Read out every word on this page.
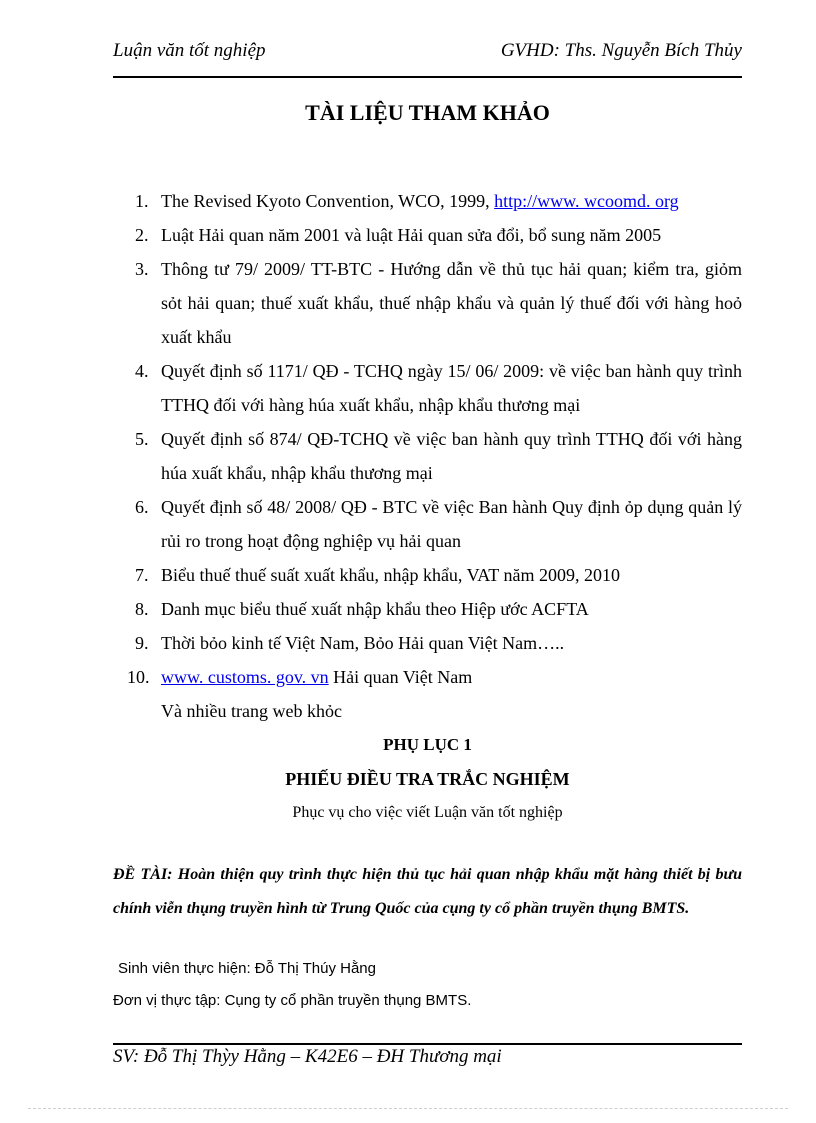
Luận văn tốt nghiệp	GVHD: Ths. Nguyễn Bích Thủy
TÀI LIỆU THAM KHẢO
1. The Revised Kyoto Convention, WCO, 1999, http://www. wcoomd. org
2. Luật Hải quan năm 2001 và luật Hải quan sửa đổi, bổ sung năm 2005
3. Thông tư 79/ 2009/ TT-BTC - Hướng dẫn về thủ tục hải quan; kiểm tra, giỏm sỏt hải quan; thuế xuất khẩu, thuế nhập khẩu và quản lý thuế đối với hàng hoỏ xuất khẩu
4. Quyết định số 1171/ QĐ - TCHQ ngày 15/ 06/ 2009: về việc ban hành quy trình TTHQ đối với hàng húa xuất khẩu, nhập khẩu thương mại
5. Quyết định số 874/ QĐ-TCHQ về việc ban hành quy trình TTHQ đối với hàng húa xuất khẩu, nhập khẩu thương mại
6. Quyết định số 48/ 2008/ QĐ - BTC về việc Ban hành Quy định ỏp dụng quản lý rủi ro trong hoạt động nghiệp vụ hải quan
7. Biểu thuế thuế suất xuất khẩu, nhập khẩu, VAT năm 2009, 2010
8. Danh mục biểu thuế xuất nhập khẩu theo Hiệp ước ACFTA
9. Thời bỏo kinh tế Việt Nam, Bỏo Hải quan Việt Nam…..
10. www. customs. gov. vn Hải quan Việt Nam
Và nhiều trang web khỏc
PHỤ LỤC 1
PHIẾU ĐIỀU TRA TRẮC NGHIỆM
Phục vụ cho việc viết Luận văn tốt nghiệp
ĐỀ TÀI: Hoàn thiện quy trình thực hiện thủ tục hải quan nhập khẩu mặt hàng thiết bị bưu chính viễn thụng truyền hình từ Trung Quốc của cụng ty cổ phần truyền thụng BMTS.
Sinh viên thực hiện: Đỗ Thị Thúy Hằng
Đơn vị thực tập: Cụng ty cổ phần truyền thụng BMTS.
SV: Đỗ Thị Thỳy Hằng – K42E6 – ĐH Thương mại
